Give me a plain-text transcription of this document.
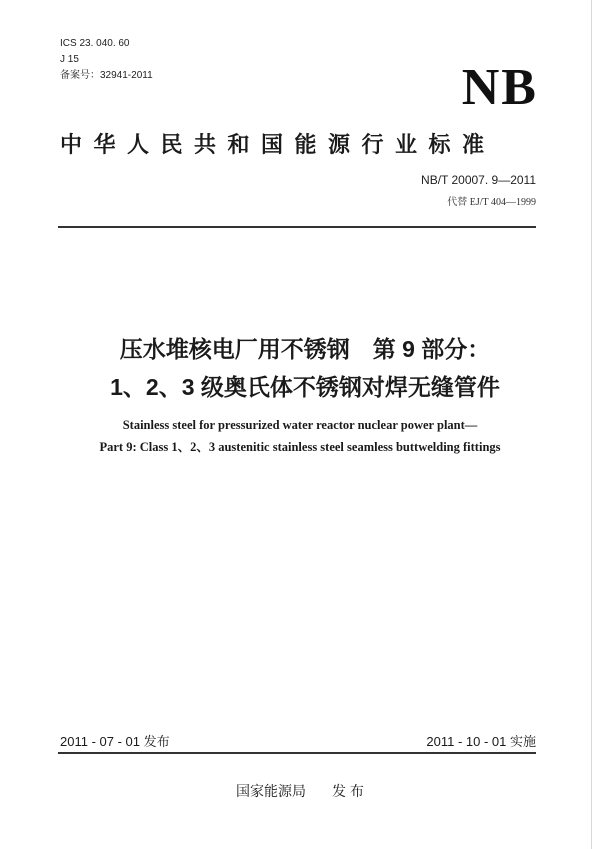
ICS 23. 040. 60
J 15
备案号：32941-2011	NB
中华人民共和国能源行业标准
NB/T 20007. 9—2011
代替 EJ/T 404—1999
压水堆核电厂用不锈钢　第 9 部分：
1、2、3 级奥氏体不锈钢对焊无缝管件
Stainless steel for pressurized water reactor nuclear power plant—
Part 9: Class 1、2、3 austenitic stainless steel seamless buttwelding fittings
2011 - 07 - 01 发布	2011 - 10 - 01 实施
国家能源局 发 布
